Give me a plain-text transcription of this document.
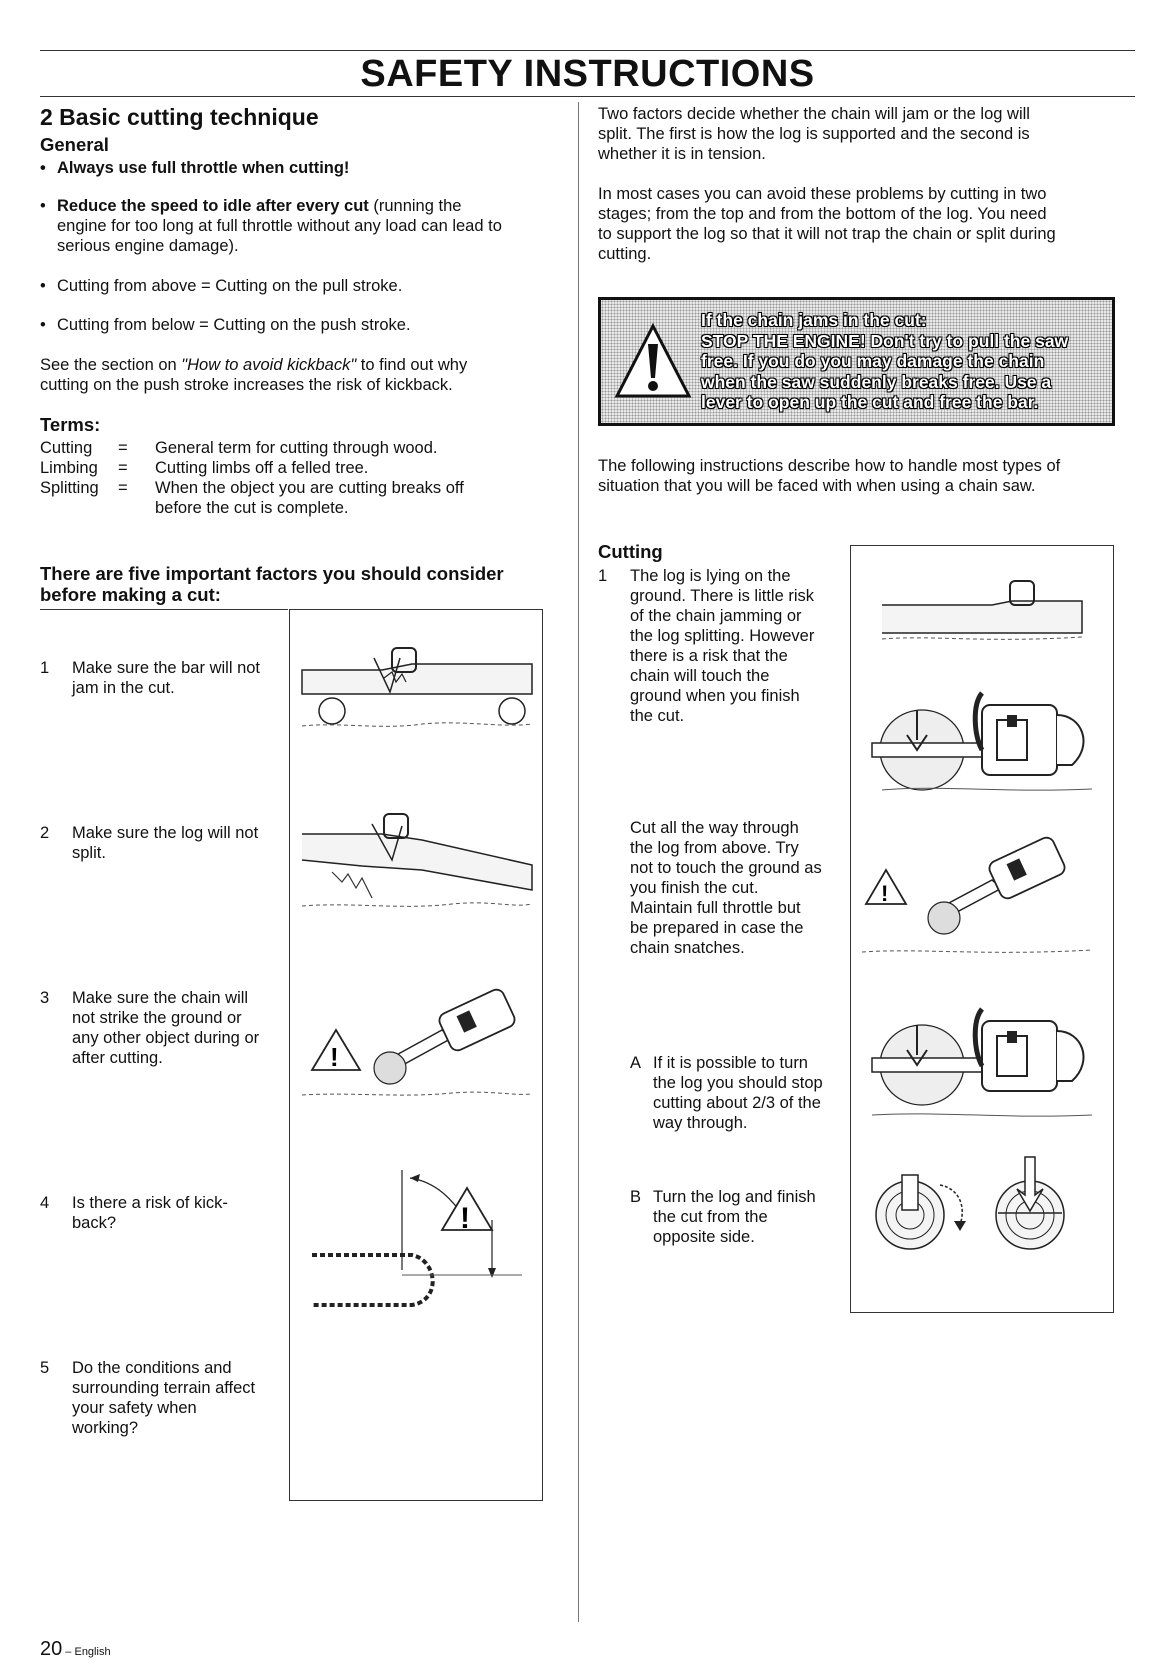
SAFETY INSTRUCTIONS
2 Basic cutting technique
General
• Always use full throttle when cutting!
• Reduce the speed to idle after every cut (running the
engine for too long at full throttle without any load can lead to
serious engine damage).
• Cutting from above = Cutting on the pull stroke.
• Cutting from below = Cutting on the push stroke.
See the section on "How to avoid kickback" to find out why
cutting on the push stroke increases the risk of kickback.
Terms:
Cutting	= General term for cutting through wood.
Limbing	= Cutting limbs off a felled tree.
Splitting	= When the object you are cutting breaks off
before the cut is complete.
There are five important factors you should consider
before making a cut:
1 Make sure the bar will not
jam in the cut.
2 Make sure the log will not
split.
3 Make sure the chain will
not strike the ground or
any other object during or
after cutting.
4 Is there a risk of kick-
back?
5 Do the conditions and
surrounding terrain affect
your safety when
working?
!
!
Two factors decide whether the chain will jam or the log will
split. The first is how the log is supported and the second is
whether it is in tension.
In most cases you can avoid these problems by cutting in two
stages; from the top and from the bottom of the log. You need
to support the log so that it will not trap the chain or split during
cutting.
If the chain jams in the cut:
STOP THE ENGINE! Don't try to pull the saw
free. If you do you may damage the chain
when the saw suddenly breaks free. Use a
lever to open up the cut and free the bar.
The following instructions describe how to handle most types of
situation that you will be faced with when using a chain saw.
Cutting
1 The log is lying on the
ground. There is little risk
of the chain jamming or
the log splitting. However
there is a risk that the
chain will touch the
ground when you finish
the cut.
Cut all the way through
the log from above. Try
not to touch the ground as
you finish the cut.
Maintain full throttle but
be prepared in case the
chain snatches.
A If it is possible to turn
the log you should stop
cutting about 2/3 of the
way through.
B Turn the log and finish
the cut from the
opposite side.
!
20 – English
